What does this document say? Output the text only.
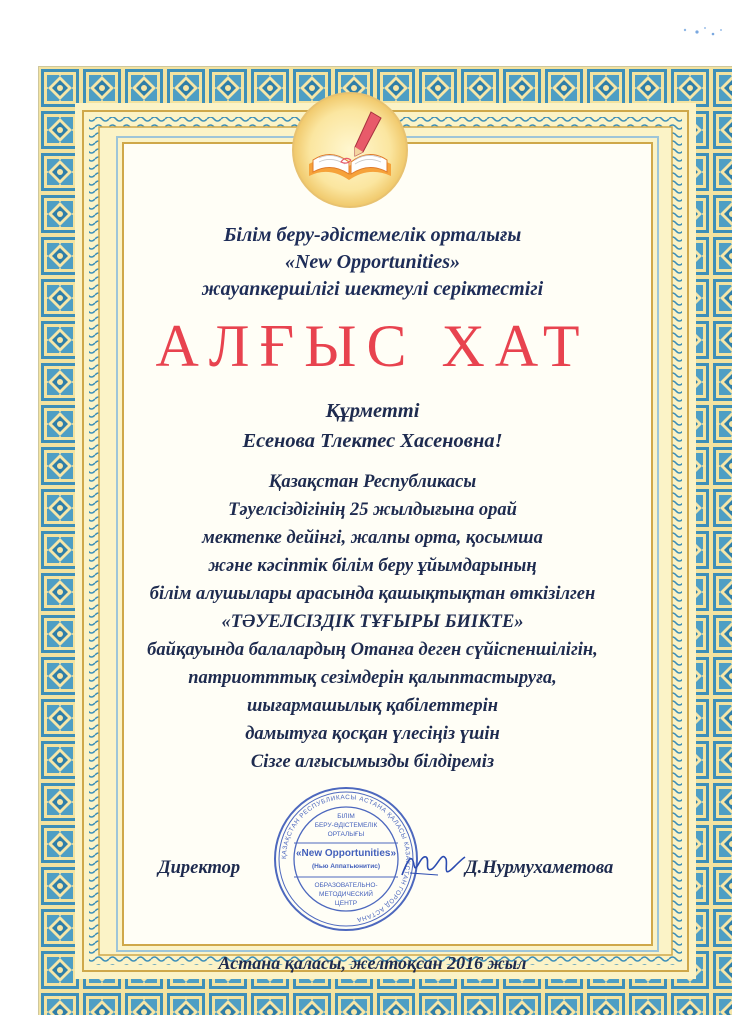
Білім беру-әдістемелік орталығы
«New Opportunities»
жауапкершілігі шектеулі серіктестігі
АЛҒЫС ХАТ
Құрметті
Есенова Тлектес Хасеновна!
Қазақстан Республикасы
Тәуелсіздігінің 25 жылдығына орай
мектепке дейінгі, жалпы орта, қосымша
және кәсіптік білім беру ұйымдарының
білім алушылары арасында қашықтықтан өткізілген
«ТӘУЕЛСІЗДІК ТҰҒЫРЫ БИІКТЕ»
байқауында балалардың Отанға деген сүйіспеншілігін,
патриотттық сезімдерін қалыптастыруға,
шығармашылық қабілеттерін
дамытуға қосқан үлесіңіз үшін
Сізге алғысымызды білдіреміз
Директор	Д.Нурмухаметова
ҚАЗАҚСТАН РЕСПУБЛИКАСЫ АСТАНА ҚАЛАСЫ КАЗАХСТАН ГОРОД АСТАНА
БІЛІМ
БЕРУ-ӘДІСТЕМЕЛІК
ОРТАЛЫҒЫ
«New Opportunities»
(Нью Аппатьюнитис)
ОБРАЗОВАТЕЛЬНО-
МЕТОДИЧЕСКИЙ
ЦЕНТР
Астана қаласы, желтоқсан 2016 жыл
